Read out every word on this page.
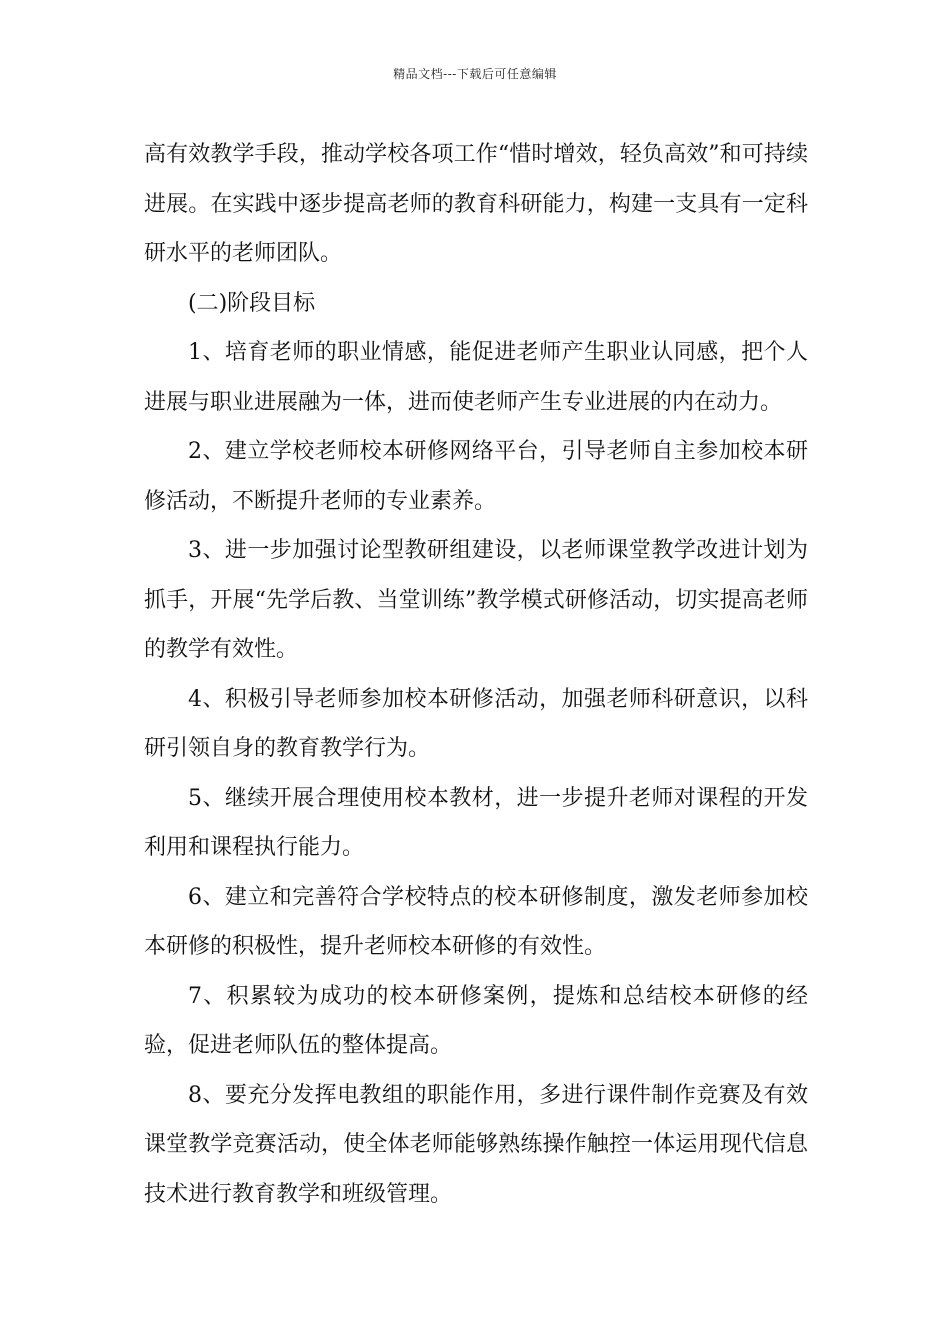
精品文档---下载后可任意编辑

高有效教学手段，推动学校各项工作“惜时增效，轻负高效”和可持续进展。在实践中逐步提高老师的教育科研能力，构建一支具有一定科研水平的老师团队。

(二)阶段目标

1、培育老师的职业情感，能促进老师产生职业认同感，把个人进展与职业进展融为一体，进而使老师产生专业进展的内在动力。

2、建立学校老师校本研修网络平台，引导老师自主参加校本研修活动，不断提升老师的专业素养。

3、进一步加强讨论型教研组建设，以老师课堂教学改进计划为抓手，开展“先学后教、当堂训练”教学模式研修活动，切实提高老师的教学有效性。

4、积极引导老师参加校本研修活动，加强老师科研意识，以科研引领自身的教育教学行为。

5、继续开展合理使用校本教材，进一步提升老师对课程的开发利用和课程执行能力。

6、建立和完善符合学校特点的校本研修制度，激发老师参加校本研修的积极性，提升老师校本研修的有效性。

7、积累较为成功的校本研修案例，提炼和总结校本研修的经验，促进老师队伍的整体提高。

8、要充分发挥电教组的职能作用，多进行课件制作竞赛及有效课堂教学竞赛活动，使全体老师能够熟练操作触控一体运用现代信息技术进行教育教学和班级管理。
